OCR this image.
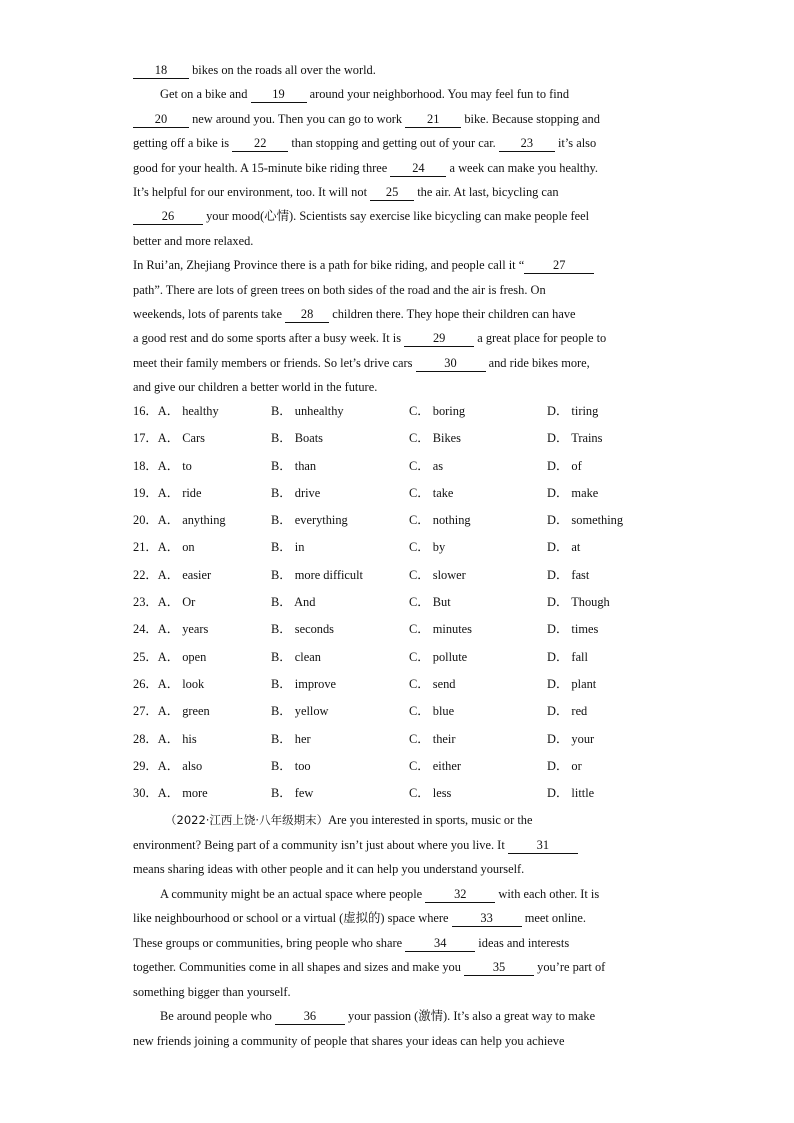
18 bikes on the roads all over the world.
Get on a bike and 19 around your neighborhood. You may feel fun to find
20 new around you. Then you can go to work 21 bike. Because stopping and
getting off a bike is 22 than stopping and getting out of your car. 23 it’s also
good for your health. A 15-minute bike riding three 24 a week can make you healthy.
It’s helpful for our environment, too. It will not 25 the air. At last, bicycling can
26 your mood(心情). Scientists say exercise like bicycling can make people feel
better and more relaxed.
In Rui’an, Zhejiang Province there is a path for bike riding, and people call it “ 27
path”. There are lots of green trees on both sides of the road and the air is fresh. On
weekends, lots of parents take 28 children there. They hope their children can have
a good rest and do some sports after a busy week. It is 29 a great place for people to
meet their family members or friends. So let’s drive cars 30 and ride bikes more,
and give our children a better world in the future.
16．A． healthy	B． unhealthy	C． boring	D． tiring
17．A． Cars	B． Boats	C． Bikes	D． Trains
18．A． to	B． than	C． as	D． of
19．A． ride	B． drive	C． take	D． make
20．A． anything	B． everything	C． nothing	D． something
21．A． on	B． in	C． by	D． at
22．A． easier	B． more difficult	C． slower	D． fast
23．A． Or	B． And	C． But	D． Though
24．A． years	B． seconds	C． minutes	D． times
25．A． open	B． clean	C． pollute	D． fall
26．A． look	B． improve	C． send	D． plant
27．A． green	B． yellow	C． blue	D． red
28．A． his	B． her	C． their	D． your
29．A． also	B． too	C． either	D． or
30．A． more	B． few	C． less	D． little
（2022·江西上饶·八年级期末）Are you interested in sports, music or the
environment? Being part of a community isn’t just about where you live. It 31
means sharing ideas with other people and it can help you understand yourself.
A community might be an actual space where people 32 with each other. It is
like neighbourhood or school or a virtual (虚拟的) space where 33 meet online.
These groups or communities, bring people who share 34 ideas and interests
together. Communities come in all shapes and sizes and make you 35 you’re part of
something bigger than yourself.
Be around people who 36 your passion (激情). It’s also a great way to make
new friends joining a community of people that shares your ideas can help you achieve
